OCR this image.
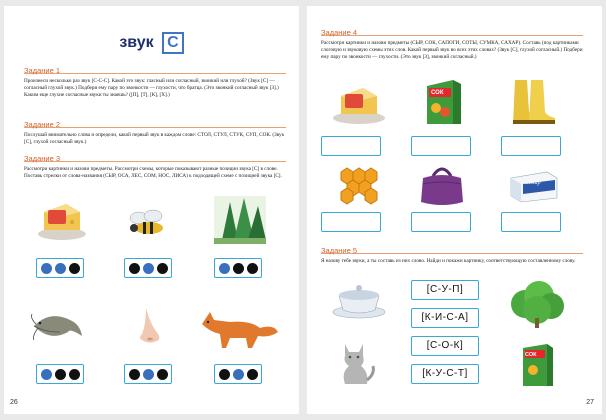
звук С
Задание 1
Произнеси несколько раз звук [С-С-С]. Какой это звук: гласный или согласный, звонкий или глухой? (Звук [С] — согласный глухой звук.) Подбери ему пару по звонкости — глухости, что братца. (Это звонкий согласный звук [З].) Каким еще глухие согласные звуки ты знаешь? ([П], [Т], [К], [Х].)
Задание 2
Послушай внимательно слова и определи, какой первый звук в каждом слове: СТОЛ, СТУЛ, СТУК, СУП, СОК. (Звук [С], глухой согласный звук.)
Задание 3
Рассмотри картинки и назови предметы. Рассмотри схемы, которые показывают разные позиции звука [С] в слове. Поставь стрелки от слова-названия (СЫР, ОСА, ЛЕС, СОМ, НОС, ЛИСА) к подходящей схеме с позицией звука [С].
26
Задание 4
Рассмотри картинки и назови предметы (СЫР, СОК, САПОГИ, СОТЫ, СУМКА, САХАР). Составь (под картинками слоговую и звуковую схемы этих слов. Какой первый звук во всех этих словах? (Звук [С], глухой согласный.) Подбери ему пару по звонкости — глухости. (Это звук [З], звонкий согласный.)
СОК
Сахар
Задание 5
Я назову тебе звуки, а ты составь из них слово. Найди и покажи картинку, соответствующую составленному слову.
СОК
[С-У-П]
[К-И-С-А]
[С-О-К]
[К-У-С-Т]
27
